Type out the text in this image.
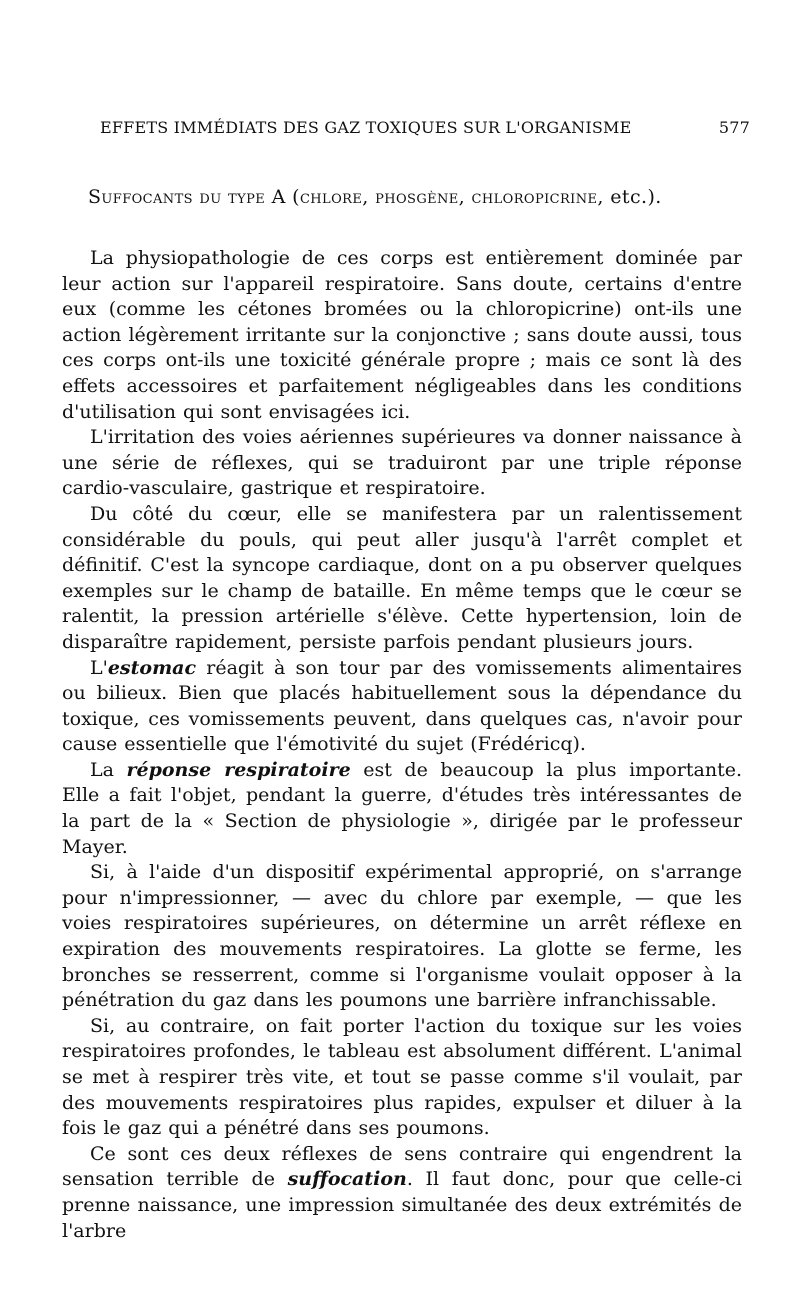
EFFETS IMMÉDIATS DES GAZ TOXIQUES SUR L'ORGANISME	577
Suffocants du type A (chlore, phosgène, chloropicrine, etc.).

La physiopathologie de ces corps est entièrement dominée par leur action sur l'appareil respiratoire. Sans doute, certains d'entre eux (comme les cétones bromées ou la chloropicrine) ont-ils une action légèrement irritante sur la conjonctive ; sans doute aussi, tous ces corps ont-ils une toxicité générale propre ; mais ce sont là des effets accessoires et parfaitement négligeables dans les conditions d'utilisation qui sont envisagées ici.

L'irritation des voies aériennes supérieures va donner naissance à une série de réflexes, qui se traduiront par une triple réponse cardio-vasculaire, gastrique et respiratoire.

Du côté du cœur, elle se manifestera par un ralentissement considérable du pouls, qui peut aller jusqu'à l'arrêt complet et définitif. C'est la syncope cardiaque, dont on a pu observer quelques exemples sur le champ de bataille. En même temps que le cœur se ralentit, la pression artérielle s'élève. Cette hypertension, loin de disparaître rapidement, persiste parfois pendant plusieurs jours.

L'estomac réagit à son tour par des vomissements alimentaires ou bilieux. Bien que placés habituellement sous la dépendance du toxique, ces vomissements peuvent, dans quelques cas, n'avoir pour cause essentielle que l'émotivité du sujet (Frédéricq).

La réponse respiratoire est de beaucoup la plus importante. Elle a fait l'objet, pendant la guerre, d'études très intéressantes de la part de la « Section de physiologie », dirigée par le professeur Mayer.

Si, à l'aide d'un dispositif expérimental approprié, on s'arrange pour n'impressionner, — avec du chlore par exemple, — que les voies respiratoires supérieures, on détermine un arrêt réflexe en expiration des mouvements respiratoires. La glotte se ferme, les bronches se resserrent, comme si l'organisme voulait opposer à la pénétration du gaz dans les poumons une barrière infranchissable.

Si, au contraire, on fait porter l'action du toxique sur les voies respiratoires profondes, le tableau est absolument différent. L'animal se met à respirer très vite, et tout se passe comme s'il voulait, par des mouvements respiratoires plus rapides, expulser et diluer à la fois le gaz qui a pénétré dans ses poumons.

Ce sont ces deux réflexes de sens contraire qui engendrent la sensation terrible de suffocation. Il faut donc, pour que celle-ci prenne naissance, une impression simultanée des deux extrémités de l'arbre
